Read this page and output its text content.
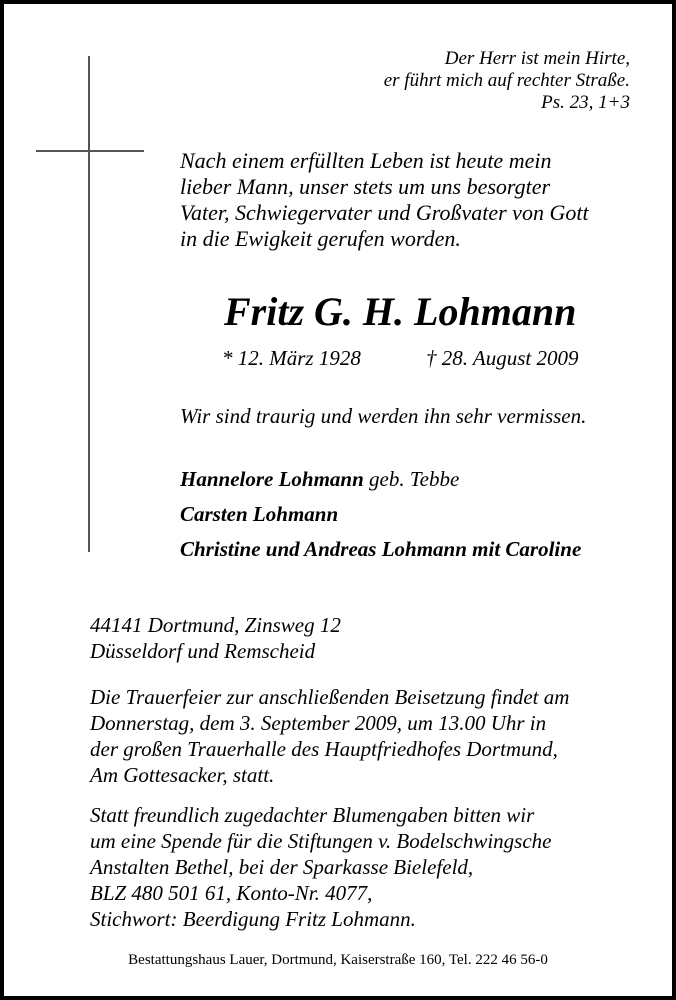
Der Herr ist mein Hirte,
er führt mich auf rechter Straße.
Ps. 23, 1+3
Nach einem erfüllten Leben ist heute mein
lieber Mann, unser stets um uns besorgter
Vater, Schwiegervater und Großvater von Gott
in die Ewigkeit gerufen worden.
Fritz G. H. Lohmann
* 12. März 1928	† 28. August 2009
Wir sind traurig und werden ihn sehr vermissen.
Hannelore Lohmann geb. Tebbe
Carsten Lohmann
Christine und Andreas Lohmann mit Caroline
44141 Dortmund, Zinsweg 12
Düsseldorf und Remscheid
Die Trauerfeier zur anschließenden Beisetzung findet am
Donnerstag, dem 3. September 2009, um 13.00 Uhr in
der großen Trauerhalle des Hauptfriedhofes Dortmund,
Am Gottesacker, statt.
Statt freundlich zugedachter Blumengaben bitten wir
um eine Spende für die Stiftungen v. Bodelschwingsche
Anstalten Bethel, bei der Sparkasse Bielefeld,
BLZ 480 501 61, Konto-Nr. 4077,
Stichwort: Beerdigung Fritz Lohmann.
Bestattungshaus Lauer, Dortmund, Kaiserstraße 160, Tel. 222 46 56-0
